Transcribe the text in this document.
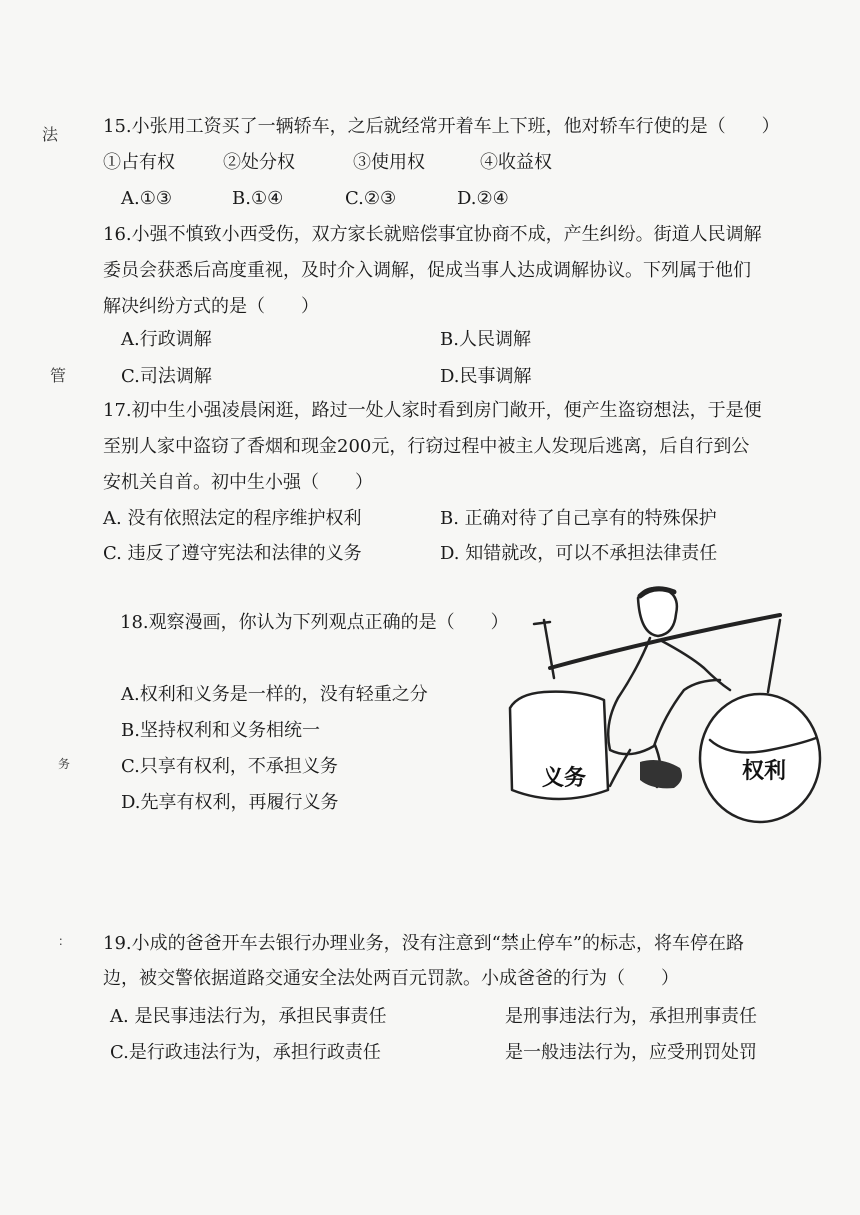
法
管
务
：
15.小张用工资买了一辆轿车，之后就经常开着车上下班，他对轿车行使的是（　　）
①占有权	②处分权	③使用权	④收益权
A.①③	B.①④	C.②③	D.②④
16.小强不慎致小西受伤，双方家长就赔偿事宜协商不成，产生纠纷。街道人民调解
委员会获悉后高度重视，及时介入调解，促成当事人达成调解协议。下列属于他们
解决纠纷方式的是（　　）
A.行政调解	B.人民调解
C.司法调解	D.民事调解
17.初中生小强凌晨闲逛，路过一处人家时看到房门敞开，便产生盗窃想法，于是便
至别人家中盗窃了香烟和现金200元，行窃过程中被主人发现后逃离，后自行到公
安机关自首。初中生小强（　　）
A. 没有依照法定的程序维护权利	B. 正确对待了自己享有的特殊保护
C. 违反了遵守宪法和法律的义务	D. 知错就改，可以不承担法律责任
18.观察漫画，你认为下列观点正确的是（　　）
A.权利和义务是一样的，没有轻重之分
B.坚持权利和义务相统一
C.只享有权利，不承担义务
D.先享有权利，再履行义务
义务	权利
19.小成的爸爸开车去银行办理业务，没有注意到“禁止停车”的标志，将车停在路
边，被交警依据道路交通安全法处两百元罚款。小成爸爸的行为（　　）
A. 是民事违法行为，承担民事责任	是刑事违法行为，承担刑事责任
C.是行政违法行为，承担行政责任	是一般违法行为，应受刑罚处罚
